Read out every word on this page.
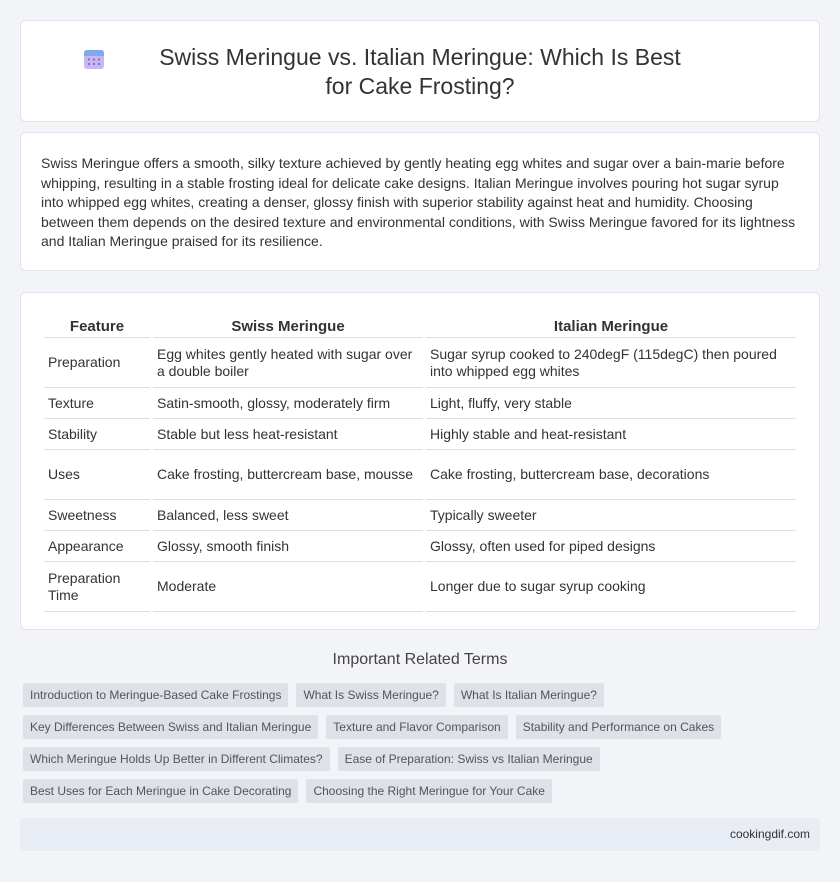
Swiss Meringue vs. Italian Meringue: Which Is Best for Cake Frosting?

Swiss Meringue offers a smooth, silky texture achieved by gently heating egg whites and sugar over a bain-marie before whipping, resulting in a stable frosting ideal for delicate cake designs. Italian Meringue involves pouring hot sugar syrup into whipped egg whites, creating a denser, glossy finish with superior stability against heat and humidity. Choosing between them depends on the desired texture and environmental conditions, with Swiss Meringue favored for its lightness and Italian Meringue praised for its resilience.

Feature	Swiss Meringue	Italian Meringue
Preparation	Egg whites gently heated with sugar over a double boiler	Sugar syrup cooked to 240degF (115degC) then poured into whipped egg whites
Texture	Satin-smooth, glossy, moderately firm	Light, fluffy, very stable
Stability	Stable but less heat-resistant	Highly stable and heat-resistant
Uses	Cake frosting, buttercream base, mousse	Cake frosting, buttercream base, decorations
Sweetness	Balanced, less sweet	Typically sweeter
Appearance	Glossy, smooth finish	Glossy, often used for piped designs
Preparation Time	Moderate	Longer due to sugar syrup cooking
Important Related Terms
Introduction to Meringue-Based Cake Frostings	What Is Swiss Meringue?	What Is Italian Meringue?
Key Differences Between Swiss and Italian Meringue	Texture and Flavor Comparison	Stability and Performance on Cakes
Which Meringue Holds Up Better in Different Climates?	Ease of Preparation: Swiss vs Italian Meringue
Best Uses for Each Meringue in Cake Decorating	Choosing the Right Meringue for Your Cake
cookingdif.com
